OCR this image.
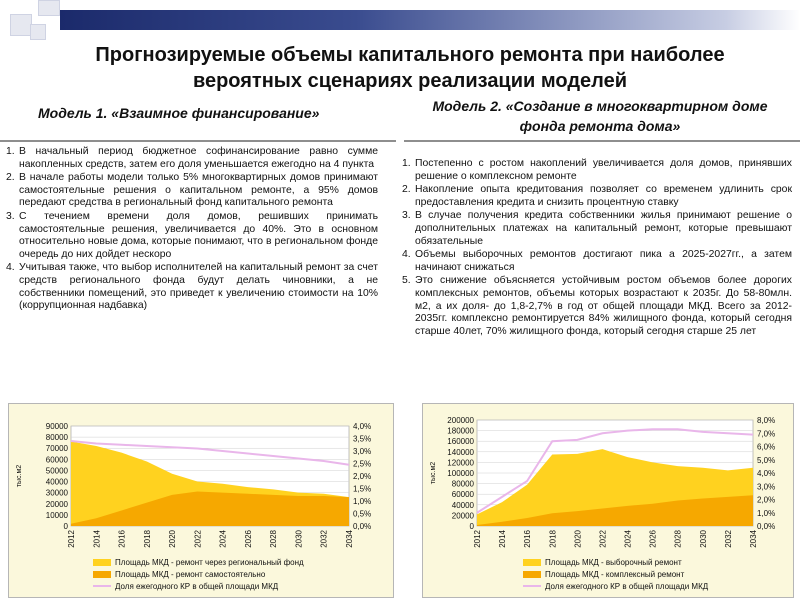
Прогнозируемые объемы капитального ремонта при наиболее
вероятных сценариях реализации моделей
Модель 1. «Взаимное финансирование»	Модель 2. «Создание в многоквартирном доме
фонда ремонта дома»
1. В начальный период бюджетное софинансирование равно сумме накопленных средств, затем его доля уменьшается ежегодно на 4 пункта
2. В начале работы модели только 5% многоквартирных домов принимают самостоятельные решения о капитальном ремонте, а 95% домов передают средства в региональный фонд капитального ремонта
3. С течением времени доля домов, решивших принимать самостоятельные решения, увеличивается до 40%. Это в основном относительно новые дома, которые понимают, что в региональном фонде очередь до них дойдет нескоро
4. Учитывая также, что выбор исполнителей на капитальный ремонт за счет средств регионального фонда будут делать чиновники, а не собственники помещений, это приведет к увеличению стоимости на 10% (коррупционная надбавка)
1. Постепенно с ростом накоплений увеличивается доля домов, принявших решение о комплексном ремонте
2. Накопление опыта кредитования позволяет со временем удлинить срок предоставления кредита и снизить процентную ставку
3. В случае получения кредита собственники жилья принимают решение о дополнительных платежах на капитальный ремонт, которые превышают обязательные
4. Объемы выборочных ремонтов достигают пика а 2025-2027гг., а затем начинают снижаться
5. Это снижение объясняется устойчивым ростом объемов более дорогих комплексных ремонтов, объемы которых возрастают к 2035г. До 58-80млн. м2, а их доля- до 1,8-2,7% в год от общей площади МКД. Всего за 2012-2035гг. комплексно ремонтируется 84% жилищного фонда, который сегодня старше 40лет, 70% жилищного фонда, который сегодня старше 25 лет
0
10000
20000
30000
40000
50000
60000
70000
80000
90000
0,0%
0,5%
1,0%
1,5%
2,0%
2,5%
3,0%
3,5%
4,0%
2012 2014 2016 2018 2020 2022 2024 2026 2028 2030 2032 2034
тыс.м2
Площадь МКД - ремонт через региональный фонд
Площадь МКД - ремонт самостоятельно
Доля ежегодного КР в общей площади МКД
0
20000
40000
60000
80000
100000
120000
140000
160000
180000
200000
0,0%
1,0%
2,0%
3,0%
4,0%
5,0%
6,0%
7,0%
8,0%
2012 2014 2016 2018 2020 2022 2024 2026 2028 2030 2032 2034
тыс.м2
Площадь МКД - выборочный ремонт
Площадь МКД - комплексный ремонт
Доля ежегодного КР в общей площади МКД
